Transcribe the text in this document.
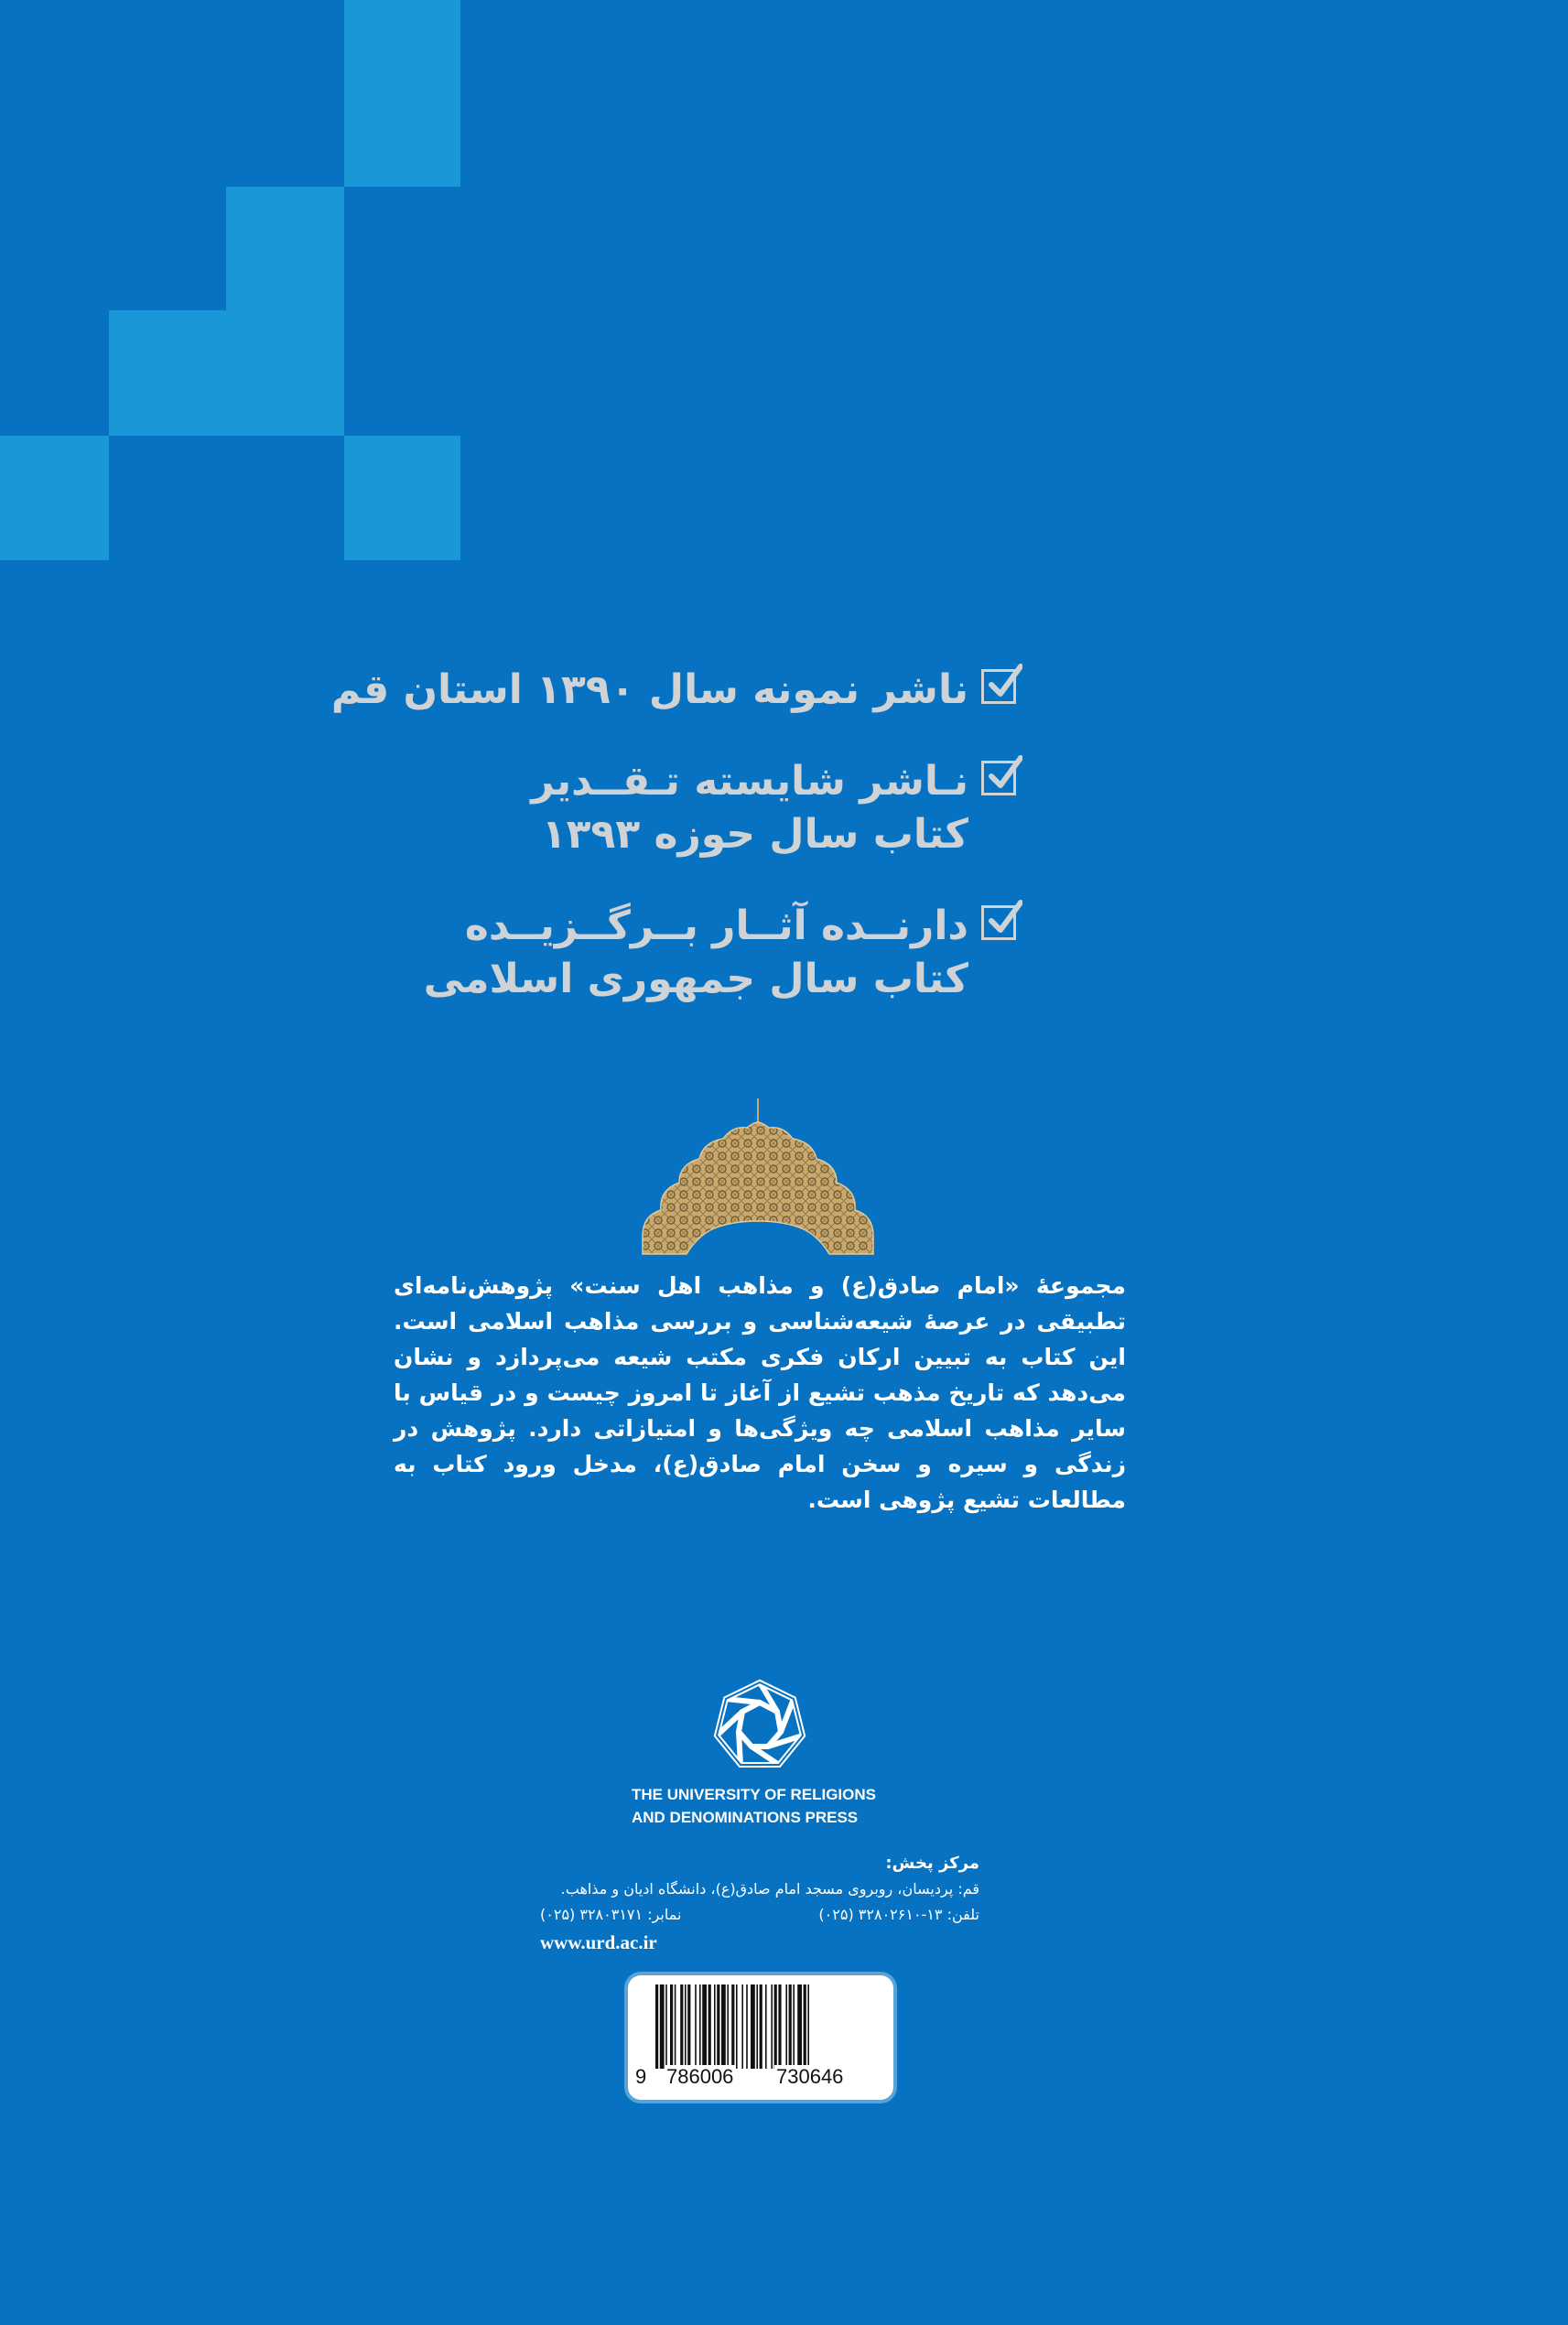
ناشر نمونه سال ۱۳۹۰ استان قم
نـاشر شایسته تـقــدیر
کتاب سال حوزه ۱۳۹۳
دارنــده آثــار بــرگــزیــده
کتاب سال جمهوری اسلامی
مجموعهٔ «امام صادق(ع) و مذاهب اهل سنت» پژوهش‌نامه‌ای تطبیقی در عرصهٔ شیعه‌شناسی و بررسی مذاهب اسلامی است. این کتاب به تبیین ارکان فکری مکتب شیعه می‌پردازد و نشان می‌دهد که تاریخ مذهب تشیع از آغاز تا امروز چیست و در قیاس با سایر مذاهب اسلامی چه ویژگی‌ها و امتیازاتی دارد. پژوهش در زندگی و سیره و سخن امام صادق(ع)، مدخل ورود کتاب به مطالعات تشیع پژوهی است.
THE UNIVERSITY OF RELIGIONS
AND DENOMINATIONS PRESS
مرکز پخش:
قم: پردیسان، روبروی مسجد امام صادق(ع)، دانشگاه ادیان و مذاهب.
تلفن: ۱۳-۳۲۸۰۲۶۱۰ (۰۲۵)
نمابر: ۳۲۸۰۳۱۷۱ (۰۲۵)
www.urd.ac.ir
9 786006 730646
